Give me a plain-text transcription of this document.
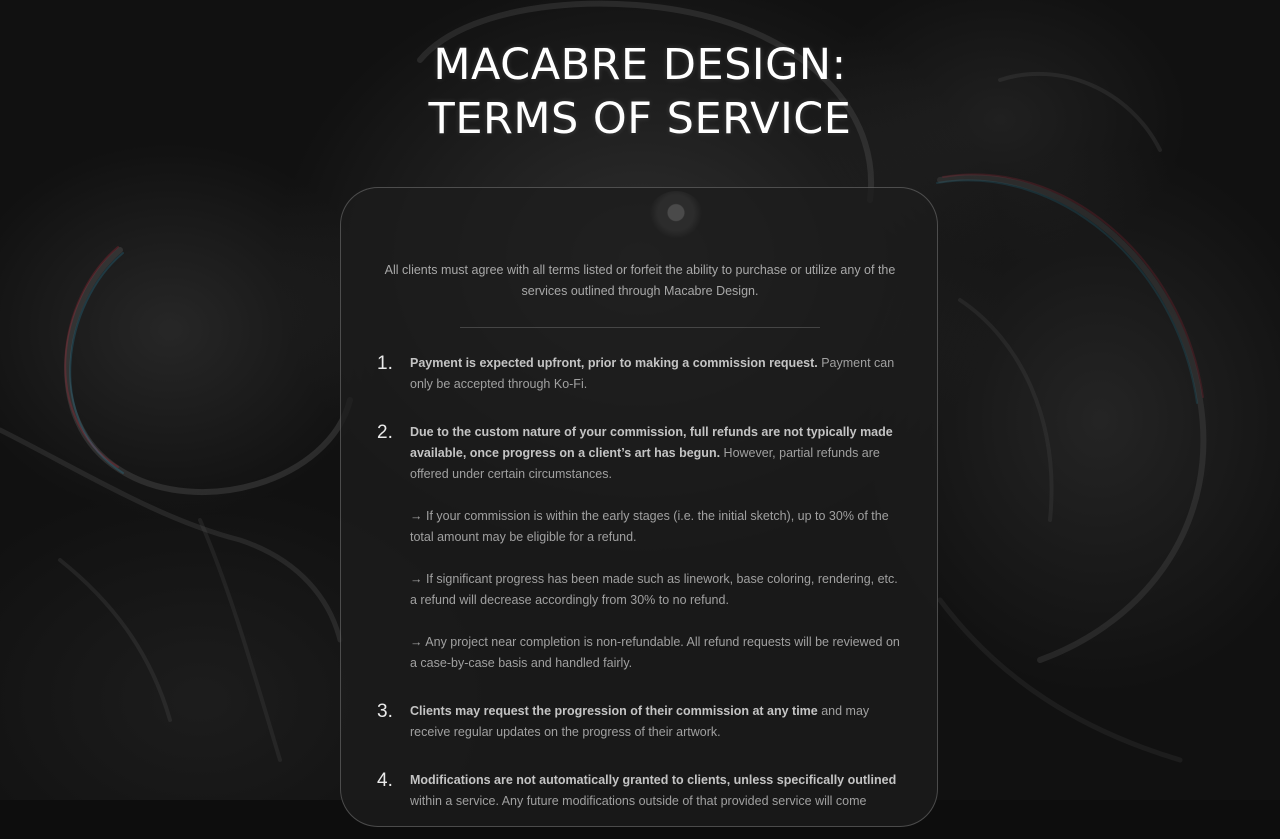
MACABRE DESIGN:
TERMS OF SERVICE

All clients must agree with all terms listed or forfeit the ability to purchase or utilize any of the services outlined through Macabre Design.

1. Payment is expected upfront, prior to making a commission request. Payment can only be accepted through Ko-Fi.

2. Due to the custom nature of your commission, full refunds are not typically made available, once progress on a client’s art has begun. However, partial refunds are offered under certain circumstances.

→ If your commission is within the early stages (i.e. the initial sketch), up to 30% of the total amount may be eligible for a refund.

→ If significant progress has been made such as linework, base coloring, rendering, etc. a refund will decrease accordingly from 30% to no refund.

→ Any project near completion is non-refundable. All refund requests will be reviewed on a case-by-case basis and handled fairly.

3. Clients may request the progression of their commission at any time and may receive regular updates on the progress of their artwork.

4. Modifications are not automatically granted to clients, unless specifically outlined
within a service. Any future modifications outside of that provided service will come
